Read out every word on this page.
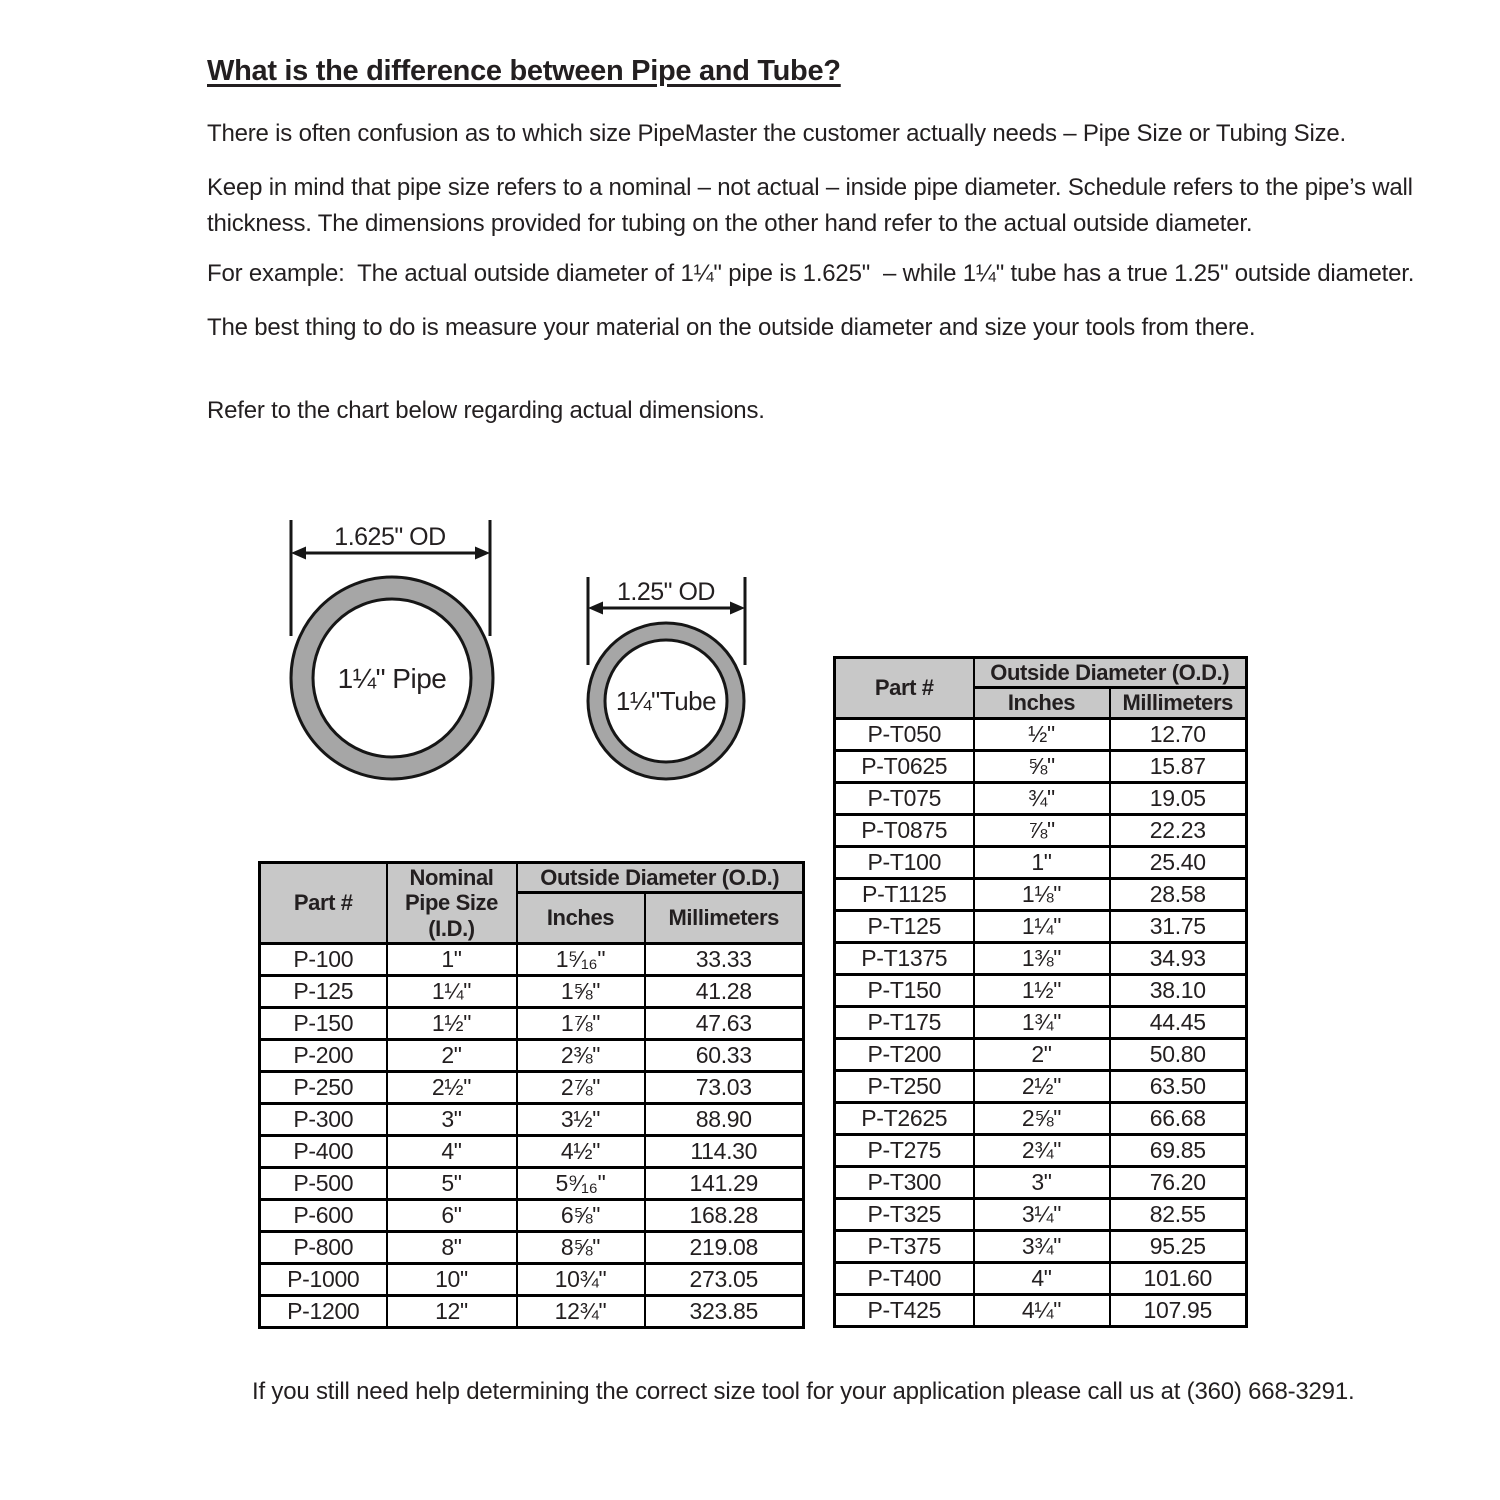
What is the difference between Pipe and Tube?

There is often confusion as to which size PipeMaster the customer actually needs – Pipe Size or Tubing Size.

Keep in mind that pipe size refers to a nominal – not actual – inside pipe diameter. Schedule refers to the pipe’s wall thickness. The dimensions provided for tubing on the other hand refer to the actual outside diameter.

For example:  The actual outside diameter of 1¼" pipe is 1.625"  – while 1¼" tube has a true 1.25" outside diameter.

The best thing to do is measure your material on the outside diameter and size your tools from there.

Refer to the chart below regarding actual dimensions.

1.625" OD
1¼" Pipe
1.25" OD
1¼"Tube
Part #	Nominal Pipe Size (I.D.)	Outside Diameter (O.D.)	
		Inches	Millimeters
P-100	1"	1⁵⁄₁₆"	33.33
P-125	1¼"	1⅝"	41.28
P-150	1½"	1⅞"	47.63
P-200	2"	2⅜"	60.33
P-250	2½"	2⅞"	73.03
P-300	3"	3½"	88.90
P-400	4"	4½"	114.30
P-500	5"	5⁹⁄₁₆"	141.29
P-600	6"	6⅝"	168.28
P-800	8"	8⅝"	219.08
P-1000	10"	10¾"	273.05
P-1200	12"	12¾"	323.85
Part #	Outside Diameter (O.D.)	
	Inches	Millimeters
P-T050	½"	12.70
P-T0625	⅝"	15.87
P-T075	¾"	19.05
P-T0875	⅞"	22.23
P-T100	1"	25.40
P-T1125	1⅛"	28.58
P-T125	1¼"	31.75
P-T1375	1⅜"	34.93
P-T150	1½"	38.10
P-T175	1¾"	44.45
P-T200	2"	50.80
P-T250	2½"	63.50
P-T2625	2⅝"	66.68
P-T275	2¾"	69.85
P-T300	3"	76.20
P-T325	3¼"	82.55
P-T375	3¾"	95.25
P-T400	4"	101.60
P-T425	4¼"	107.95

If you still need help determining the correct size tool for your application please call us at (360) 668-3291.
